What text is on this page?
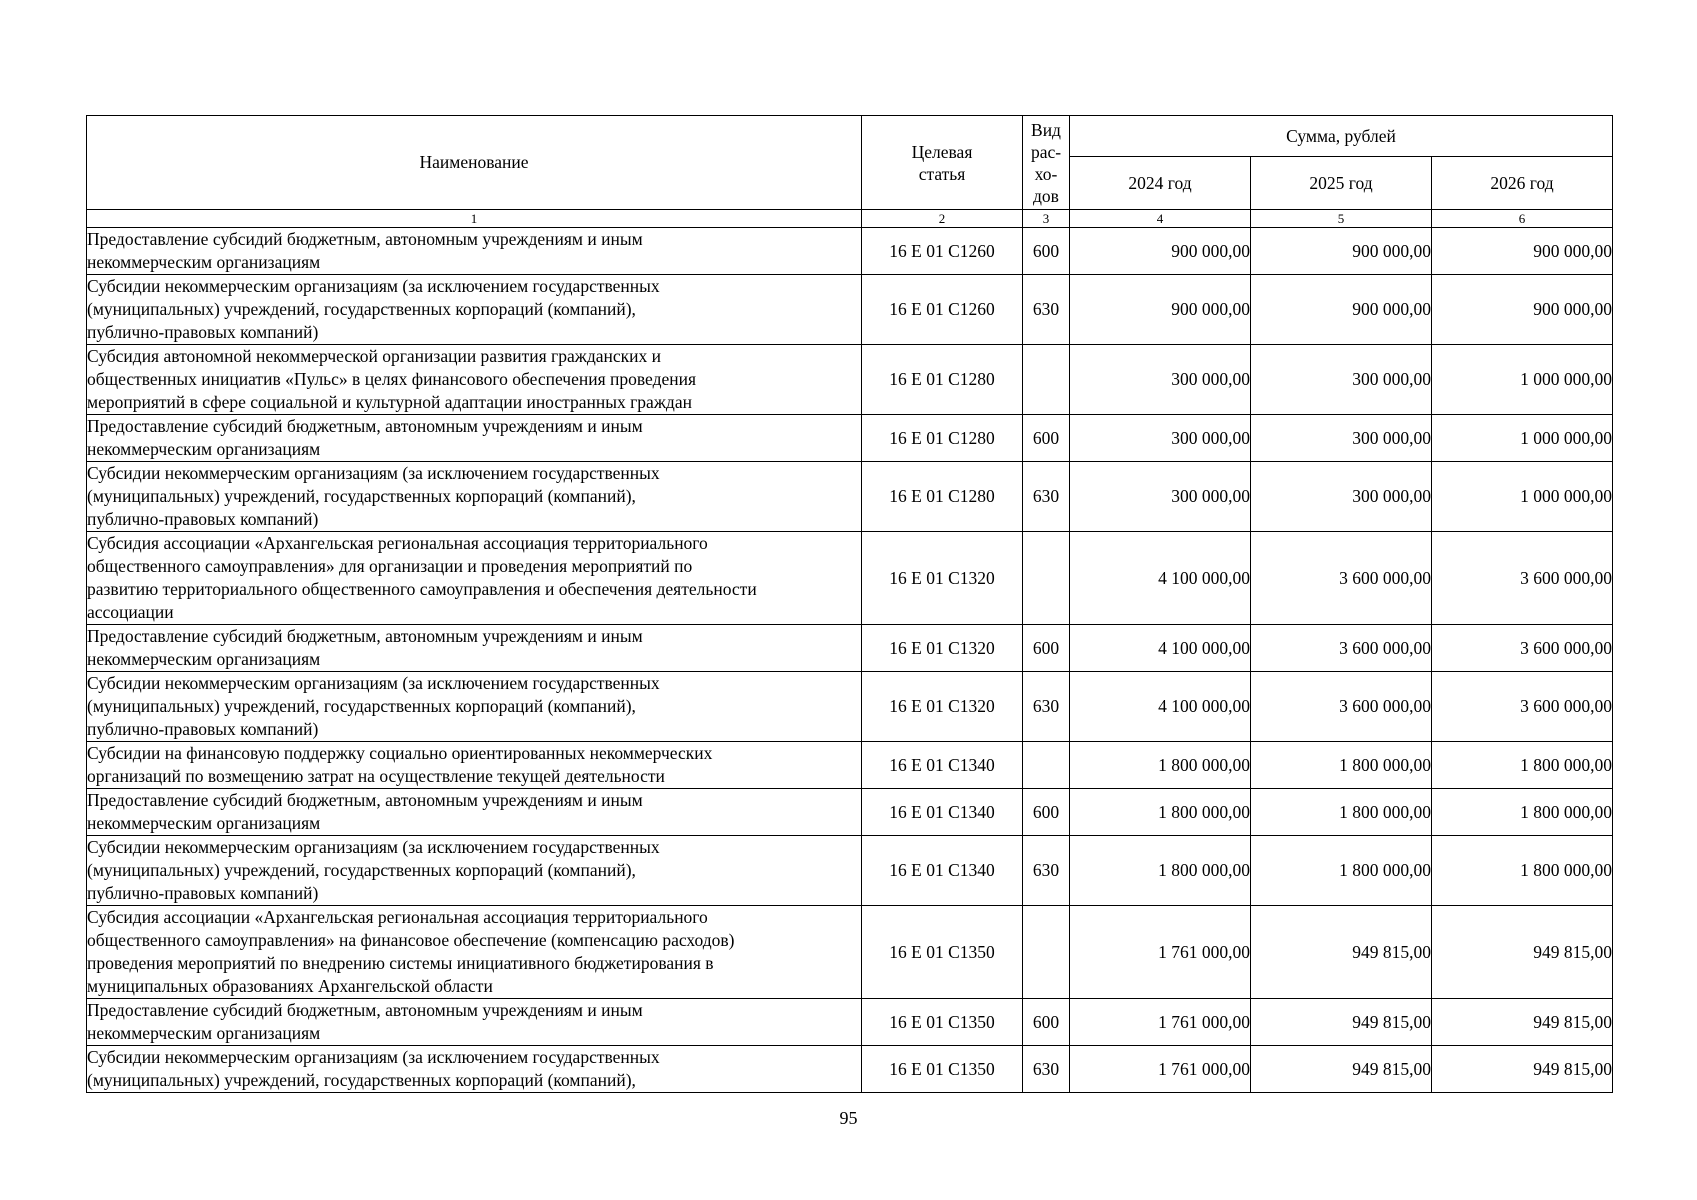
Наименование	Целевая статья	Вид
рас-
хо-
дов	Сумма, рублей		
			2024 год	2025 год	2026 год
1	2	3	4	5	6

Предоставление субсидий бюджетным, автономным учреждениям и иным
некоммерческим организациям	16 Е 01 С1260	600	900 000,00	900 000,00	900 000,00

Субсидии некоммерческим организациям (за исключением государственных
(муниципальных) учреждений, государственных корпораций (компаний),
публично-правовых компаний)	16 Е 01 С1260	630	900 000,00	900 000,00	900 000,00

Субсидия автономной некоммерческой организации развития гражданских и
общественных инициатив «Пульс» в целях финансового обеспечения проведения
мероприятий в сфере социальной и культурной адаптации иностранных граждан	16 Е 01 С1280		300 000,00	300 000,00	1 000 000,00

Предоставление субсидий бюджетным, автономным учреждениям и иным
некоммерческим организациям	16 Е 01 С1280	600	300 000,00	300 000,00	1 000 000,00

Субсидии некоммерческим организациям (за исключением государственных
(муниципальных) учреждений, государственных корпораций (компаний),
публично-правовых компаний)	16 Е 01 С1280	630	300 000,00	300 000,00	1 000 000,00

Субсидия ассоциации «Архангельская региональная ассоциация территориального
общественного самоуправления» для организации и проведения мероприятий по
развитию территориального общественного самоуправления и обеспечения деятельности
ассоциации	16 Е 01 С1320		4 100 000,00	3 600 000,00	3 600 000,00

Предоставление субсидий бюджетным, автономным учреждениям и иным
некоммерческим организациям	16 Е 01 С1320	600	4 100 000,00	3 600 000,00	3 600 000,00

Субсидии некоммерческим организациям (за исключением государственных
(муниципальных) учреждений, государственных корпораций (компаний),
публично-правовых компаний)	16 Е 01 С1320	630	4 100 000,00	3 600 000,00	3 600 000,00

Субсидии на финансовую поддержку социально ориентированных некоммерческих
организаций по возмещению затрат на осуществление текущей деятельности	16 Е 01 С1340		1 800 000,00	1 800 000,00	1 800 000,00

Предоставление субсидий бюджетным, автономным учреждениям и иным
некоммерческим организациям	16 Е 01 С1340	600	1 800 000,00	1 800 000,00	1 800 000,00

Субсидии некоммерческим организациям (за исключением государственных
(муниципальных) учреждений, государственных корпораций (компаний),
публично-правовых компаний)	16 Е 01 С1340	630	1 800 000,00	1 800 000,00	1 800 000,00

Субсидия ассоциации «Архангельская региональная ассоциация территориального
общественного самоуправления» на финансовое обеспечение (компенсацию расходов)
проведения мероприятий по внедрению системы инициативного бюджетирования в
муниципальных образованиях Архангельской области	16 Е 01 С1350		1 761 000,00	949 815,00	949 815,00

Предоставление субсидий бюджетным, автономным учреждениям и иным
некоммерческим организациям	16 Е 01 С1350	600	1 761 000,00	949 815,00	949 815,00

Субсидии некоммерческим организациям (за исключением государственных
(муниципальных) учреждений, государственных корпораций (компаний),	16 Е 01 С1350	630	1 761 000,00	949 815,00	949 815,00
95
